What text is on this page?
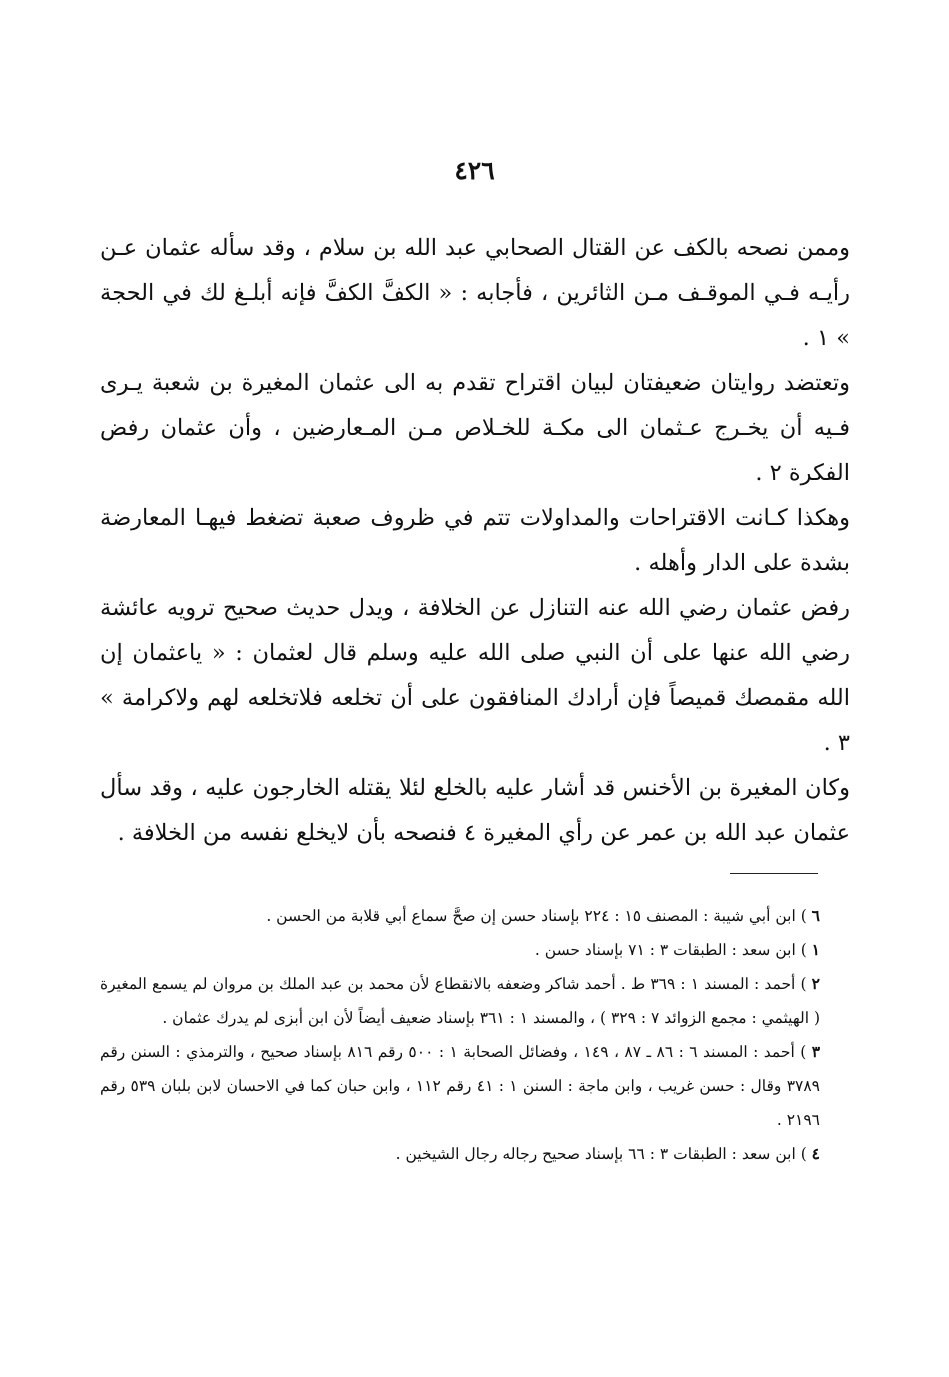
٤٢٦

وممن نصحه بالكف عن القتال الصحابي عبد الله بن سلام ، وقد سأله عثمان عـن رأيـه فـي الموقـف مـن الثائرين ، فأجابه : « الكفَّ الكفَّ فإنه أبلـغ لك في الحجة » ١ .

وتعتضد روايتان ضعيفتان لبيان اقتراح تقدم به الى عثمان المغيرة بن شعبة يـرى فـيه أن يخـرج عـثمان الى مكـة للخـلاص مـن المـعارضين ، وأن عثمان رفض الفكرة ٢ .

وهكذا كـانت الاقتراحات والمداولات تتم في ظروف صعبة تضغط فيهـا المعارضة بشدة على الدار وأهله .

رفض عثمان رضي الله عنه التنازل عن الخلافة ، ويدل حديث صحيح ترويه عائشة رضي الله عنها على أن النبي صلى الله عليه وسلم قال لعثمان : « ياعثمان إن الله مقمصك قميصاً فإن أرادك المنافقون على أن تخلعه فلاتخلعه لهم ولاكرامة » ٣ .

وكان المغيرة بن الأخنس قد أشار عليه بالخلع لئلا يقتله الخارجون عليه ، وقد سأل عثمان عبد الله بن عمر عن رأي المغيرة ٤ فنصحه بأن لايخلع نفسه من الخلافة .

٦ ) ابن أبي شيبة : المصنف ١٥ : ٢٢٤ بإسناد حسن إن صحَّ سماع أبي قلابة من الحسن .

١ ) ابن سعد : الطبقات ٣ : ٧١ بإسناد حسن .

٢ ) أحمد : المسند ١ : ٣٦٩ ط . أحمد شاكر وضعفه بالانقطاع لأن محمد بن عبد الملك بن مروان لم يسمع المغيرة ( الهيثمي : مجمع الزوائد ٧ : ٣٢٩ ) ، والمسند ١ : ٣٦١ بإسناد ضعيف أيضاً لأن ابن أبزى لم يدرك عثمان .

٣ ) أحمد : المسند ٦ : ٨٦ ـ ٨٧ ، ١٤٩ ، وفضائل الصحابة ١ : ٥٠٠ رقم ٨١٦ بإسناد صحيح ، والترمذي : السنن رقم ٣٧٨٩ وقال : حسن غريب ، وابن ماجة : السنن ١ : ٤١ رقم ١١٢ ، وابن حبان كما في الاحسان لابن بلبان ٥٣٩ رقم ٢١٩٦ .

٤ ) ابن سعد : الطبقات ٣ : ٦٦ بإسناد صحيح رجاله رجال الشيخين .
